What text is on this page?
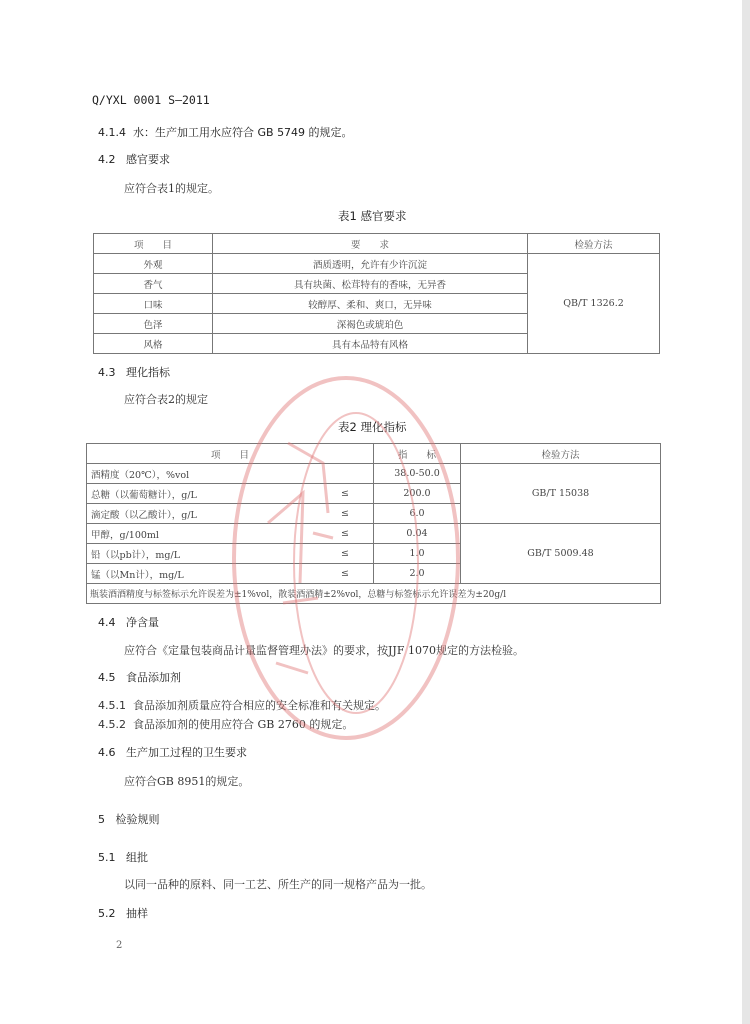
Q/YXL 0001 S—2011
4.1.4 水：生产加工用水应符合 GB 5749 的规定。
4.2 感官要求
应符合表1的规定。
表1 感官要求
项　　目	要　　求	检验方法
外观	酒质透明，允许有少许沉淀	QB/T 1326.2
香气	具有块菌、松茸特有的香味，无异香	
口味	较醇厚、柔和、爽口，无异味	
色泽	深褐色或琥珀色	
风格	具有本品特有风格	
4.3 理化指标
应符合表2的规定
表2 理化指标
项　　目		指　　标	检验方法
酒精度（20℃），%vol		38.0-50.0	GB/T 15038
总糖（以葡萄糖计），g/L	≤	200.0	
滴定酸（以乙酸计），g/L	≤	6.0	
甲醇，g/100ml	≤	0.04	GB/T 5009.48
铅（以pb计），mg/L	≤	1.0	
锰（以Mn计），mg/L	≤	2.0	
瓶装酒酒精度与标签标示允许误差为±1%vol，散装酒酒精±2%vol，总糖与标签标示允许误差为±20g/l			
4.4 净含量
应符合《定量包装商品计量监督管理办法》的要求，按JJF 1070规定的方法检验。
4.5 食品添加剂
4.5.1 食品添加剂质量应符合相应的安全标准和有关规定。
4.5.2 食品添加剂的使用应符合 GB 2760 的规定。
4.6 生产加工过程的卫生要求
应符合GB 8951的规定。
5 检验规则
5.1 组批
以同一品种的原料、同一工艺、所生产的同一规格产品为一批。
5.2 抽样
2
